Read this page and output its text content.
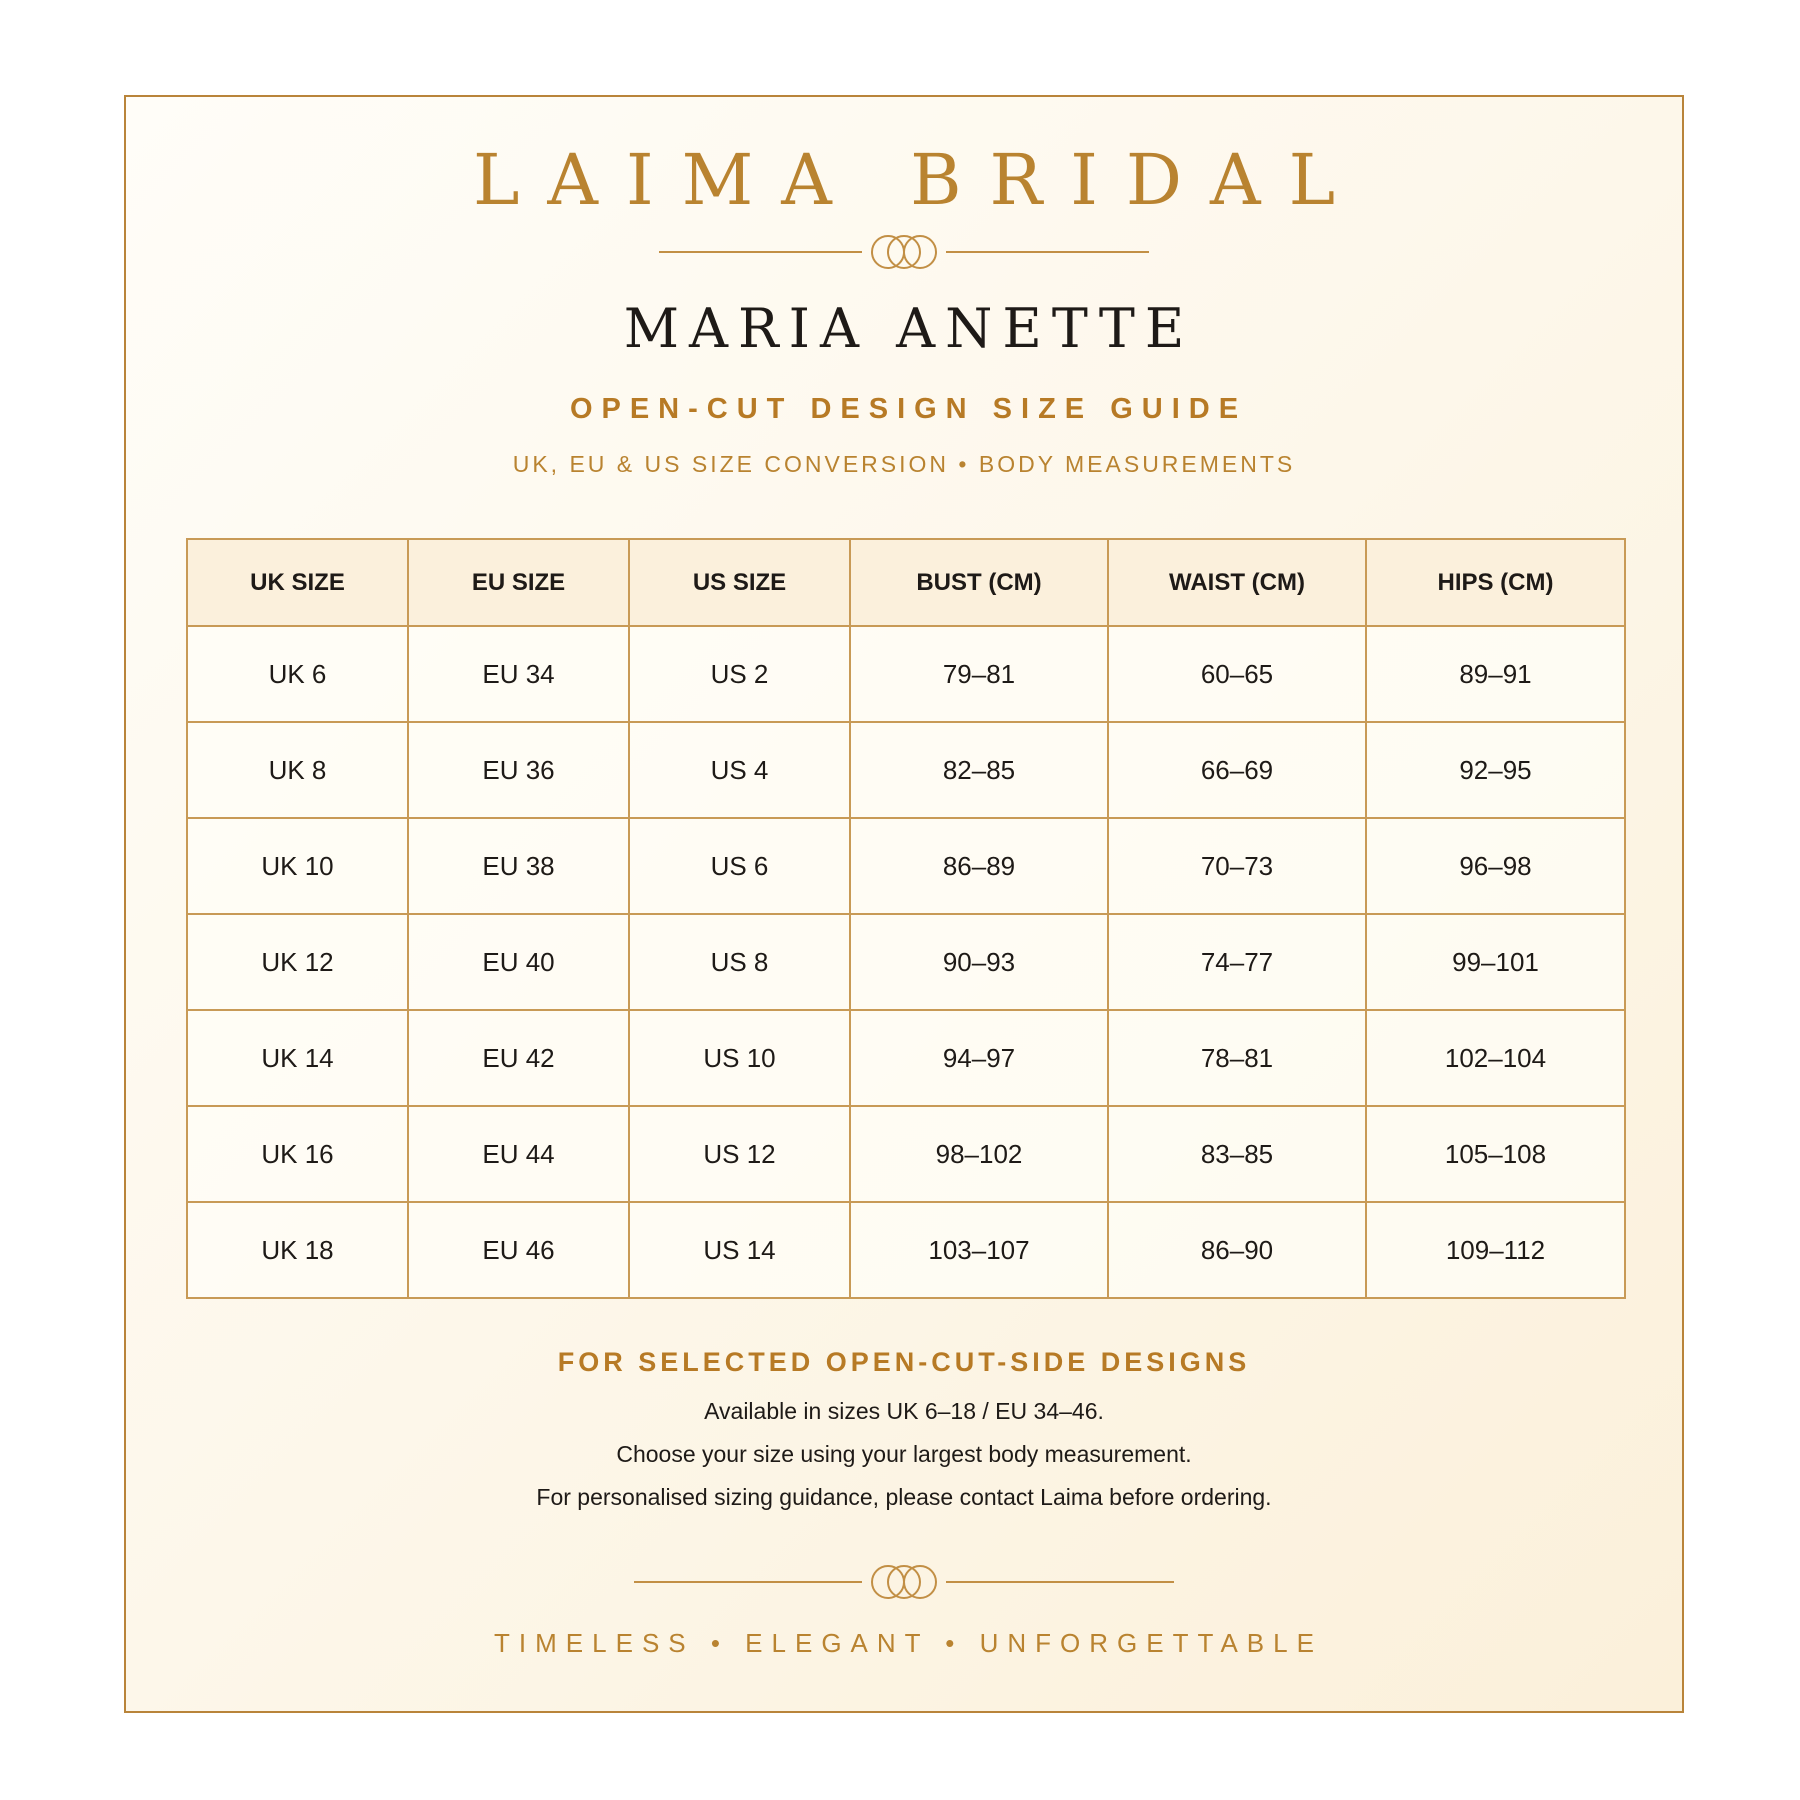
LAIMA BRIDAL
MARIA ANETTE
OPEN-CUT DESIGN SIZE GUIDE
UK, EU & US SIZE CONVERSION • BODY MEASUREMENTS
UK SIZE	EU SIZE	US SIZE	BUST (CM)	WAIST (CM)	HIPS (CM)
UK 6	EU 34	US 2	79–81	60–65	89–91
UK 8	EU 36	US 4	82–85	66–69	92–95
UK 10	EU 38	US 6	86–89	70–73	96–98
UK 12	EU 40	US 8	90–93	74–77	99–101
UK 14	EU 42	US 10	94–97	78–81	102–104
UK 16	EU 44	US 12	98–102	83–85	105–108
UK 18	EU 46	US 14	103–107	86–90	109–112
FOR SELECTED OPEN-CUT-SIDE DESIGNS
Available in sizes UK 6–18 / EU 34–46.
Choose your size using your largest body measurement.
For personalised sizing guidance, please contact Laima before ordering.
TIMELESS • ELEGANT • UNFORGETTABLE
